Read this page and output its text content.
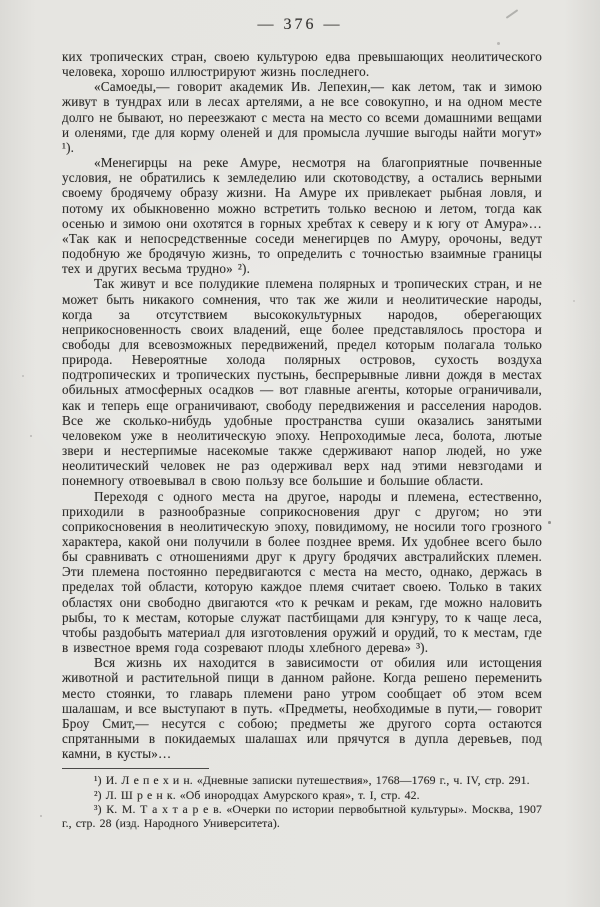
— 376 —

ких тропических стран, своею культурою едва превышающих неолитического человека, хорошо иллюстрируют жизнь последнего.

«Самоеды,— говорит академик Ив. Лепехин,— как летом, так и зимою живут в тундрах или в лесах артелями, а не все совокупно, и на одном месте долго не бывают, но переезжают с места на место со всеми домашними вещами и оленями, где для корму оленей и для промысла лучшие выгоды найти могут» ¹).

«Менегирцы на реке Амуре, несмотря на благоприятные почвенные условия, не обратились к земледелию или скотоводству, а остались верными своему бродячему образу жизни. На Амуре их привлекает рыбная ловля, и потому их обыкновенно можно встретить только весною и летом, тогда как осенью и зимою они охотятся в горных хребтах к северу и к югу от Амура»… «Так как и непосредственные соседи менегирцев по Амуру, орочоны, ведут подобную же бродячую жизнь, то определить с точностью взаимные границы тех и других весьма трудно» ²).

Так живут и все полудикие племена полярных и тропических стран, и не может быть никакого сомнения, что так же жили и неолитические народы, когда за отсутствием высококультурных народов, оберегающих неприкосновенность своих владений, еще более представлялось простора и свободы для всевозможных передвижений, предел которым полагала только природа. Невероятные холода полярных островов, сухость воздуха подтропических и тропических пустынь, беспрерывные ливни дождя в местах обильных атмосферных осадков — вот главные агенты, которые ограничивали, как и теперь еще ограничивают, свободу передвижения и расселения народов. Все же сколько-нибудь удобные пространства суши оказались занятыми человеком уже в неолитическую эпоху. Непроходимые леса, болота, лютые звери и нестерпимые насекомые также сдерживают напор людей, но уже неолитический человек не раз одерживал верх над этими невзгодами и понемногу отвоевывал в свою пользу все большие и большие области.

Переходя с одного места на другое, народы и племена, естественно, приходили в разнообразные соприкосновения друг с другом; но эти соприкосновения в неолитическую эпоху, повидимому, не носили того грозного характера, какой они получили в более позднее время. Их удобнее всего было бы сравнивать с отношениями друг к другу бродячих австралийских племен. Эти племена постоянно передвигаются с места на место, однако, держась в пределах той области, которую каждое племя считает своею. Только в таких областях они свободно двигаются «то к речкам и рекам, где можно наловить рыбы, то к местам, которые служат пастбищами для кэнгуру, то к чаще леса, чтобы раздобыть материал для изготовления оружий и орудий, то к местам, где в известное время года созревают плоды хлебного дерева» ³).

Вся жизнь их находится в зависимости от обилия или истощения животной и растительной пищи в данном районе. Когда решено переменить место стоянки, то главарь племени рано утром сообщает об этом всем шалашам, и все выступают в путь. «Предметы, необходимые в пути,— говорит Броу Смит,— несутся с собою; предметы же другого сорта остаются спрятанными в покидаемых шалашах или прячутся в дупла деревьев, под камни, в кусты»…

¹) И. Л е п е х и н. «Дневные записки путешествия», 1768—1769 г., ч. IV, стр. 291.

²) Л. Ш р е н к. «Об инородцах Амурского края», т. I, стр. 42.

³) К. М. Т а х т а р е в. «Очерки по истории первобытной культуры». Москва, 1907 г., стр. 28 (изд. Народного Университета).
